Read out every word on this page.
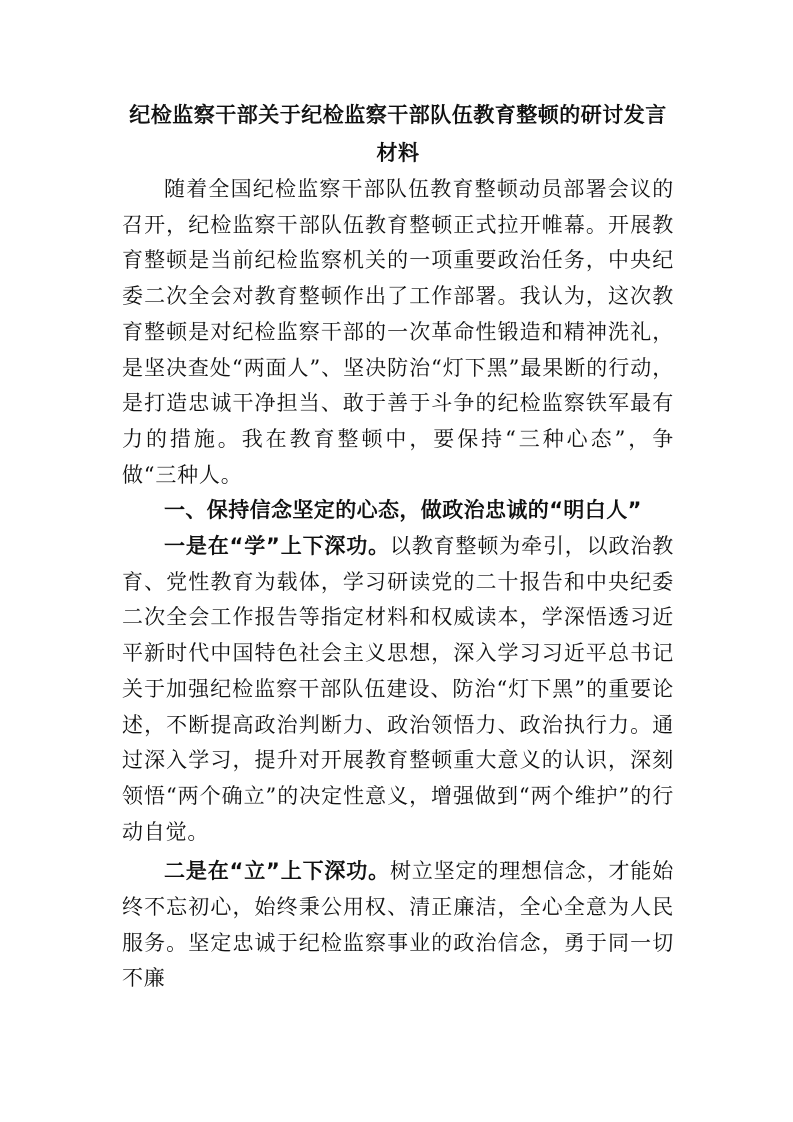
纪检监察干部关于纪检监察干部队伍教育整顿的研讨发言
材料

随着全国纪检监察干部队伍教育整顿动员部署会议的召开，纪检监察干部队伍教育整顿正式拉开帷幕。开展教育整顿是当前纪检监察机关的一项重要政治任务，中央纪委二次全会对教育整顿作出了工作部署。我认为，这次教育整顿是对纪检监察干部的一次革命性锻造和精神洗礼，是坚决查处“两面人”、坚决防治“灯下黑”最果断的行动，是打造忠诚干净担当、敢于善于斗争的纪检监察铁军最有力的措施。我在教育整顿中，要保持“三种心态”，争做“三种人。

一、保持信念坚定的心态，做政治忠诚的“明白人”

一是在“学”上下深功。以教育整顿为牵引，以政治教育、党性教育为载体，学习研读党的二十报告和中央纪委二次全会工作报告等指定材料和权威读本，学深悟透习近平新时代中国特色社会主义思想，深入学习习近平总书记关于加强纪检监察干部队伍建设、防治“灯下黑”的重要论述，不断提高政治判断力、政治领悟力、政治执行力。通过深入学习，提升对开展教育整顿重大意义的认识，深刻领悟“两个确立”的决定性意义，增强做到“两个维护”的行动自觉。

二是在“立”上下深功。树立坚定的理想信念，才能始终不忘初心，始终秉公用权、清正廉洁，全心全意为人民服务。坚定忠诚于纪检监察事业的政治信念，勇于同一切不廉
